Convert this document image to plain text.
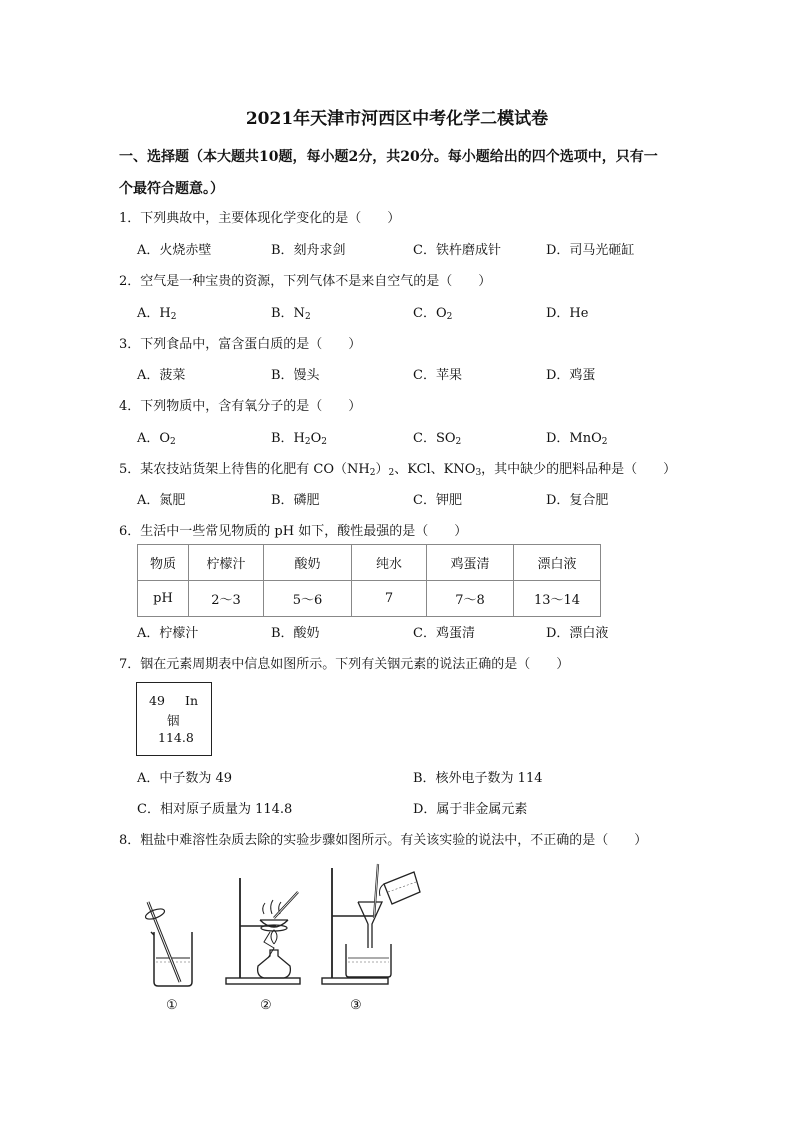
2021年天津市河西区中考化学二模试卷
一、选择题（本大题共10题，每小题2分，共20分。每小题给出的四个选项中，只有一
个最符合题意。）
1．下列典故中，主要体现化学变化的是（　　）
A．火烧赤壁	B．刻舟求剑	C．铁杵磨成针	D．司马光砸缸
2．空气是一种宝贵的资源，下列气体不是来自空气的是（　　）
A．$H_2$	B．$N_2$	C．$O_2$	D．He
3．下列食品中，富含蛋白质的是（　　）
A．菠菜	B．馒头	C．苹果	D．鸡蛋
4．下列物质中，含有氧分子的是（　　）
A．$O_2$	B．$H_2O_2$	C．$SO_2$	D．MnO$_2$
5．某农技站货架上待售的化肥有 $CO(NH_2)_2$、KCl、$KNO_3$，其中缺少的肥料品种是（　　）
A．氮肥	B．磷肥	C．钾肥	D．复合肥
6．生活中一些常见物质的 pH 如下，酸性最强的是（　　）
物质	柠檬汁	酸奶	纯水	鸡蛋清	漂白液
pH	2～3	5～6	7	7～8	13～14
A．柠檬汁	B．酸奶	C．鸡蛋清	D．漂白液
7．铟在元素周期表中信息如图所示。下列有关铟元素的说法正确的是（　　）
49 In
铟
114.8
A．中子数为 49	B．核外电子数为 114
C．相对原子质量为 114.8	D．属于非金属元素
8．粗盐中难溶性杂质去除的实验步骤如图所示。有关该实验的说法中，不正确的是（　　）
①	②	③
